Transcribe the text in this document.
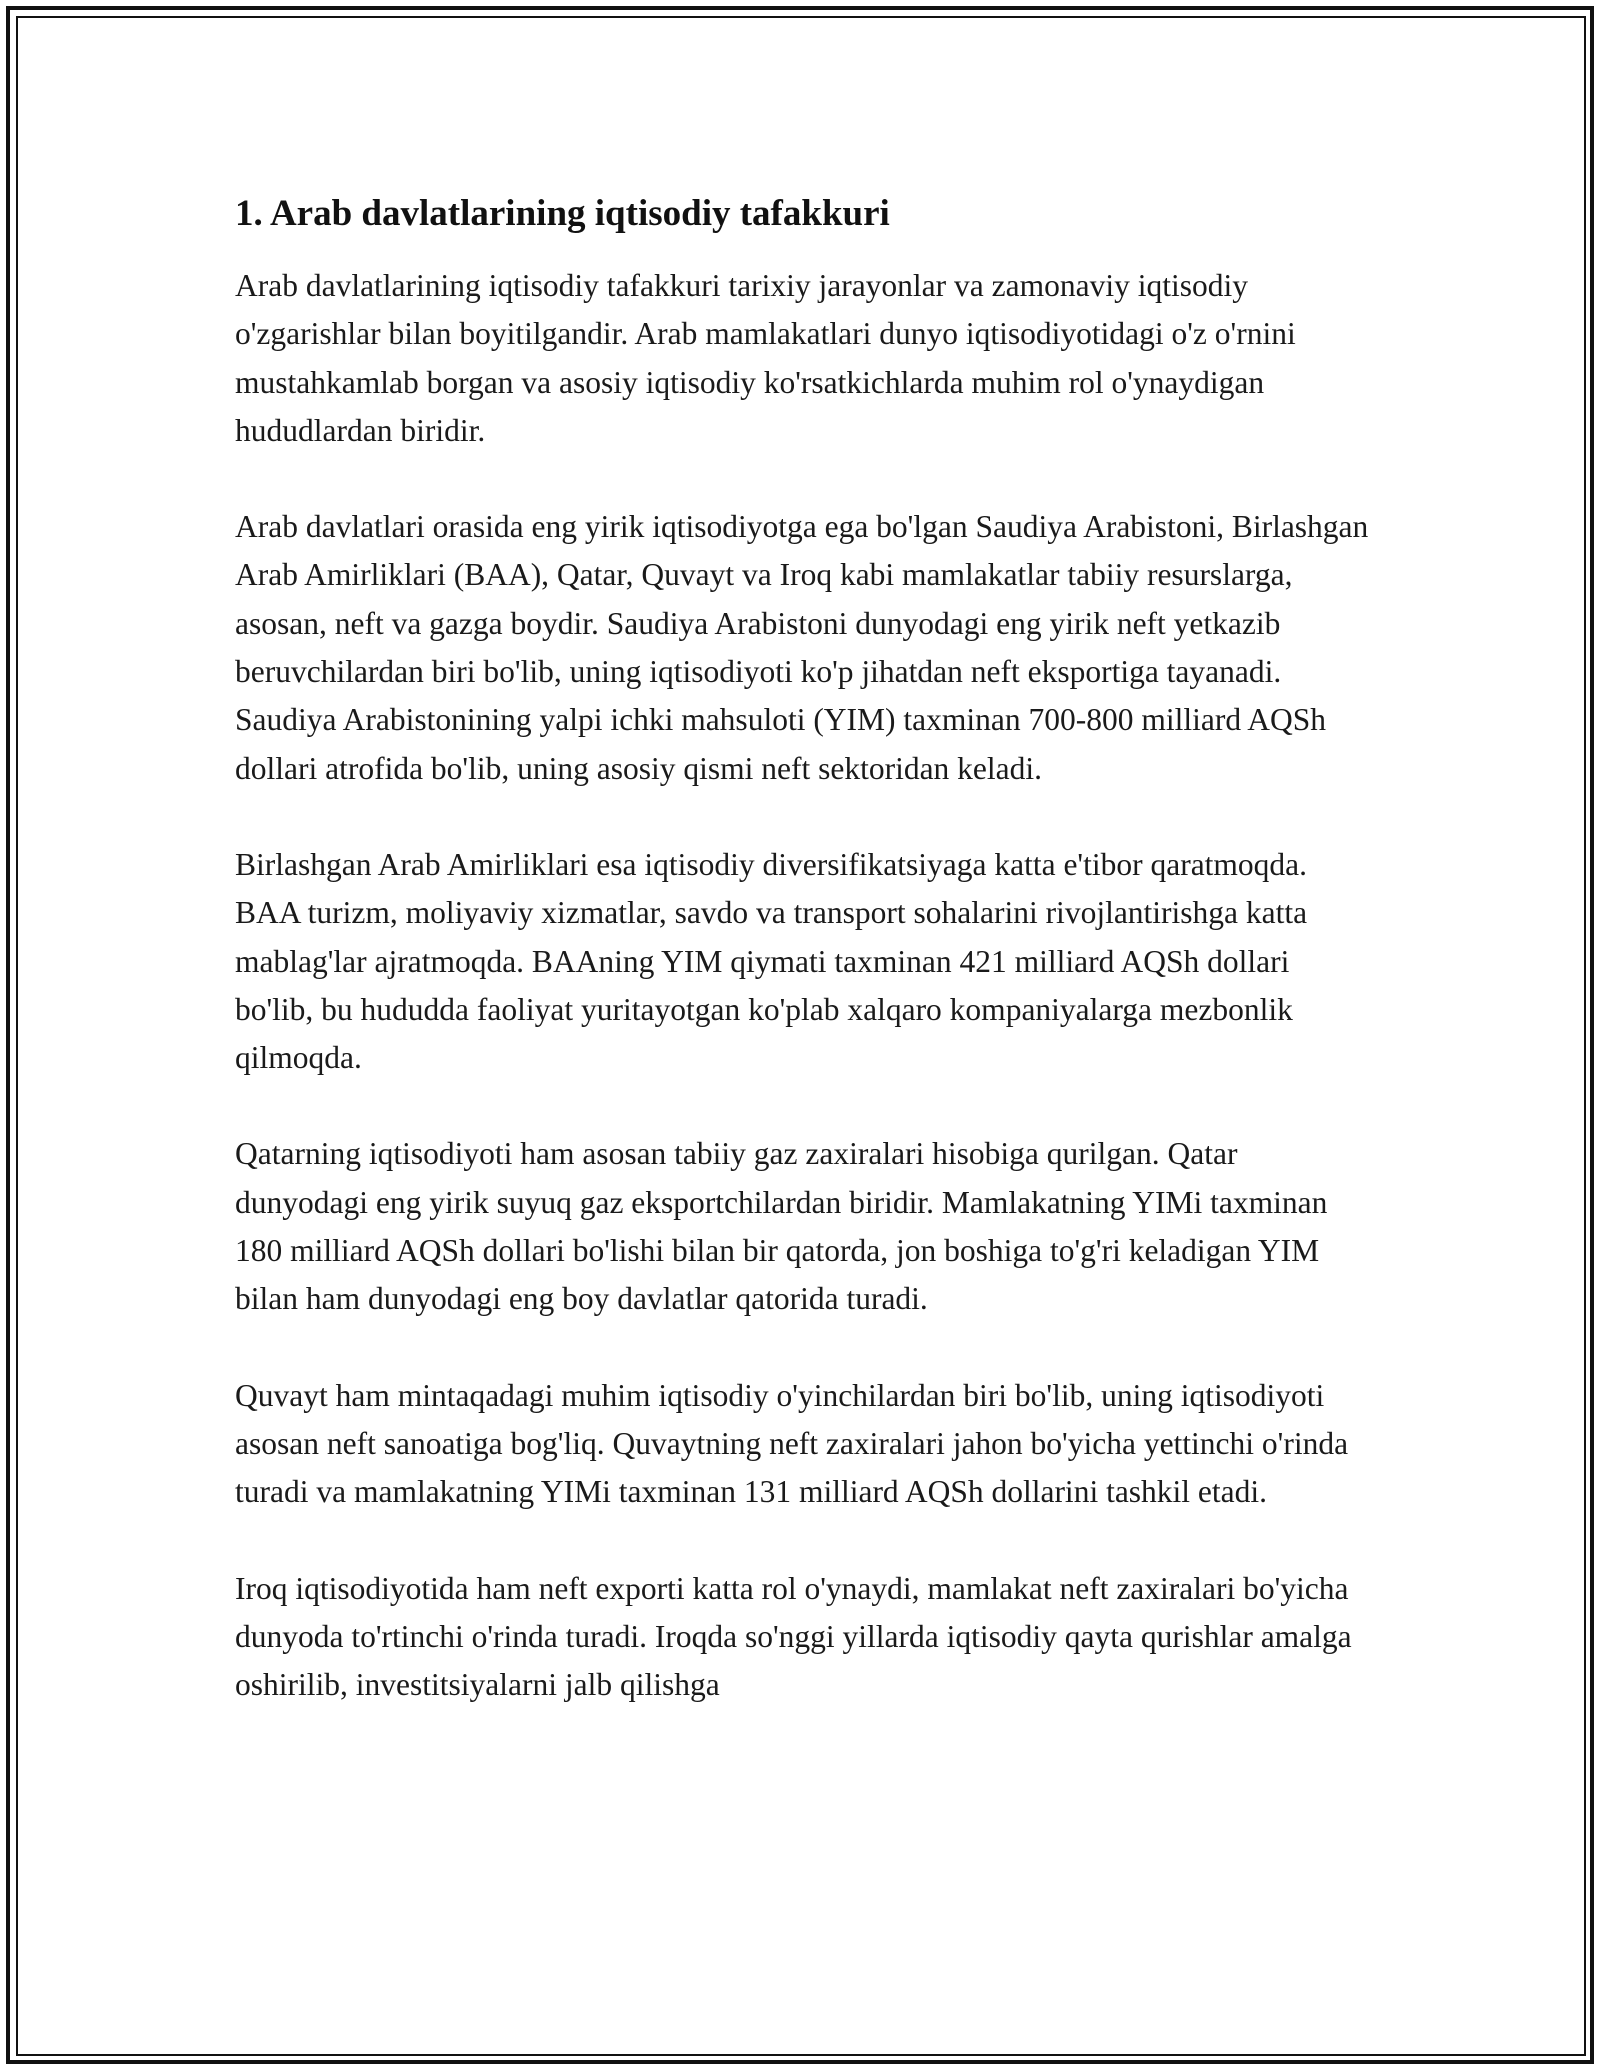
1. Arab davlatlarining iqtisodiy tafakkuri

Arab davlatlarining iqtisodiy tafakkuri tarixiy jarayonlar va zamonaviy iqtisodiy o'zgarishlar bilan boyitilgandir. Arab mamlakatlari dunyo iqtisodiyotidagi o'z o'rnini mustahkamlab borgan va asosiy iqtisodiy ko'rsatkichlarda muhim rol o'ynaydigan hududlardan biridir.

Arab davlatlari orasida eng yirik iqtisodiyotga ega bo'lgan Saudiya Arabistoni, Birlashgan Arab Amirliklari (BAA), Qatar, Quvayt va Iroq kabi mamlakatlar tabiiy resurslarga, asosan, neft va gazga boydir. Saudiya Arabistoni dunyodagi eng yirik neft yetkazib beruvchilardan biri bo'lib, uning iqtisodiyoti ko'p jihatdan neft eksportiga tayanadi. Saudiya Arabistonining yalpi ichki mahsuloti (YIM) taxminan 700-800 milliard AQSh dollari atrofida bo'lib, uning asosiy qismi neft sektoridan keladi.

Birlashgan Arab Amirliklari esa iqtisodiy diversifikatsiyaga katta e'tibor qaratmoqda. BAA turizm, moliyaviy xizmatlar, savdo va transport sohalarini rivojlantirishga katta mablag'lar ajratmoqda. BAAning YIM qiymati taxminan 421 milliard AQSh dollari bo'lib, bu hududda faoliyat yuritayotgan ko'plab xalqaro kompaniyalarga mezbonlik qilmoqda.

Qatarning iqtisodiyoti ham asosan tabiiy gaz zaxiralari hisobiga qurilgan. Qatar dunyodagi eng yirik suyuq gaz eksportchilardan biridir. Mamlakatning YIMi taxminan 180 milliard AQSh dollari bo'lishi bilan bir qatorda, jon boshiga to'g'ri keladigan YIM bilan ham dunyodagi eng boy davlatlar qatorida turadi.

Quvayt ham mintaqadagi muhim iqtisodiy o'yinchilardan biri bo'lib, uning iqtisodiyoti asosan neft sanoatiga bog'liq. Quvaytning neft zaxiralari jahon bo'yicha yettinchi o'rinda turadi va mamlakatning YIMi taxminan 131 milliard AQSh dollarini tashkil etadi.

Iroq iqtisodiyotida ham neft exporti katta rol o'ynaydi, mamlakat neft zaxiralari bo'yicha dunyoda to'rtinchi o'rinda turadi. Iroqda so'nggi yillarda iqtisodiy qayta qurishlar amalga oshirilib, investitsiyalarni jalb qilishga
